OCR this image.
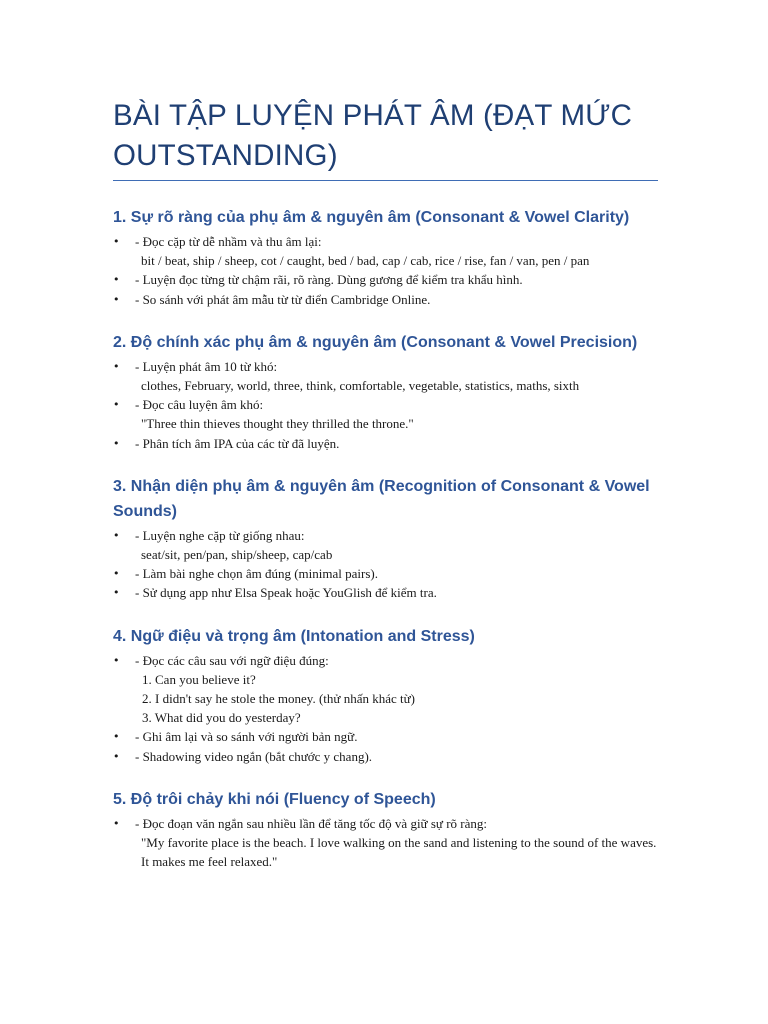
BÀI TẬP LUYỆN PHÁT ÂM (ĐẠT MỨC OUTSTANDING)
1. Sự rõ ràng của phụ âm & nguyên âm (Consonant & Vowel Clarity)
• - Đọc cặp từ dễ nhầm và thu âm lại:
bit / beat, ship / sheep, cot / caught, bed / bad, cap / cab, rice / rise, fan / van, pen / pan
• - Luyện đọc từng từ chậm rãi, rõ ràng. Dùng gương để kiểm tra khẩu hình.
• - So sánh với phát âm mẫu từ từ điển Cambridge Online.
2. Độ chính xác phụ âm & nguyên âm (Consonant & Vowel Precision)
• - Luyện phát âm 10 từ khó:
clothes, February, world, three, think, comfortable, vegetable, statistics, maths, sixth
• - Đọc câu luyện âm khó:
"Three thin thieves thought they thrilled the throne."
• - Phân tích âm IPA của các từ đã luyện.
3. Nhận diện phụ âm & nguyên âm (Recognition of Consonant & Vowel Sounds)
• - Luyện nghe cặp từ giống nhau:
seat/sit, pen/pan, ship/sheep, cap/cab
• - Làm bài nghe chọn âm đúng (minimal pairs).
• - Sử dụng app như Elsa Speak hoặc YouGlish để kiểm tra.
4. Ngữ điệu và trọng âm (Intonation and Stress)
• - Đọc các câu sau với ngữ điệu đúng:
1. Can you believe it?
2. I didn't say he stole the money. (thử nhấn khác từ)
3. What did you do yesterday?
• - Ghi âm lại và so sánh với người bản ngữ.
• - Shadowing video ngắn (bắt chước y chang).
5. Độ trôi chảy khi nói (Fluency of Speech)
• - Đọc đoạn văn ngắn sau nhiều lần để tăng tốc độ và giữ sự rõ ràng:
"My favorite place is the beach. I love walking on the sand and listening to the sound of the waves. It makes me feel relaxed."
